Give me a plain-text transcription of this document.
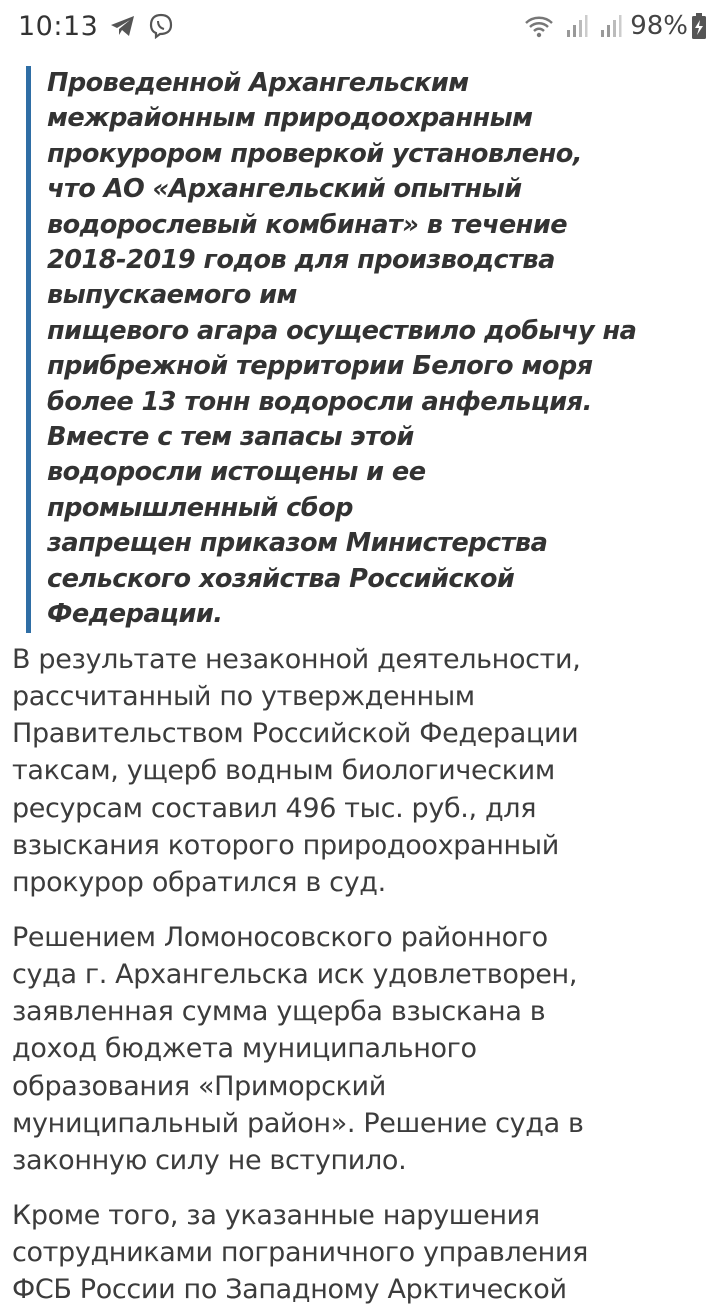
10:13	98%
Проведенной Архангельским
межрайонным природоохранным
прокурором проверкой установлено,
что АО «Архангельский опытный
водорослевый комбинат» в течение
2018-2019 годов для производства
выпускаемого им
пищевого агара осуществило добычу на
прибрежной территории Белого моря
более 13 тонн водоросли анфельция.
Вместе с тем запасы этой
водоросли истощены и ее
промышленный сбор
запрещен приказом Министерства
сельского хозяйства Российской
Федерации.

В результате незаконной деятельности,
рассчитанный по утвержденным
Правительством Российской Федерации
таксам, ущерб водным биологическим
ресурсам составил 496 тыс. руб., для
взыскания которого природоохранный
прокурор обратился в суд.

Решением Ломоносовского районного
суда г. Архангельска иск удовлетворен,
заявленная сумма ущерба взыскана в
доход бюджета муниципального
образования «Приморский
муниципальный район». Решение суда в
законную силу не вступило.

Кроме того, за указанные нарушения
сотрудниками пограничного управления
ФСБ России по Западному Арктической
